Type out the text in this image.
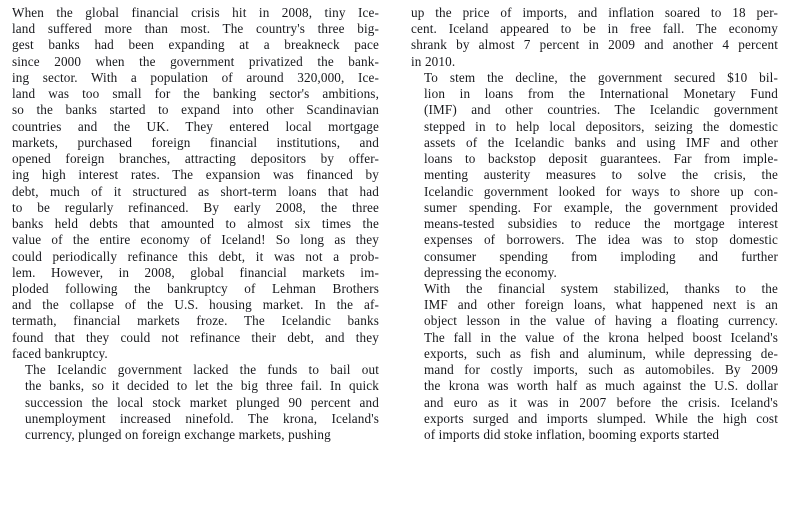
When the global financial crisis hit in 2008, tiny Ice-
land suffered more than most. The country's three big-
gest banks had been expanding at a breakneck pace
since 2000 when the government privatized the bank-
ing sector. With a population of around 320,000, Ice-
land was too small for the banking sector's ambitions,
so the banks started to expand into other Scandinavian
countries and the UK. They entered local mortgage
markets, purchased foreign financial institutions, and
opened foreign branches, attracting depositors by offer-
ing high interest rates. The expansion was financed by
debt, much of it structured as short-term loans that had
to be regularly refinanced. By early 2008, the three
banks held debts that amounted to almost six times the
value of the entire economy of Iceland! So long as they
could periodically refinance this debt, it was not a prob-
lem. However, in 2008, global financial markets im-
ploded following the bankruptcy of Lehman Brothers
and the collapse of the U.S. housing market. In the af-
termath, financial markets froze. The Icelandic banks
found that they could not refinance their debt, and they
faced bankruptcy.

The Icelandic government lacked the funds to bail out
the banks, so it decided to let the big three fail. In quick
succession the local stock market plunged 90 percent and
unemployment increased ninefold. The krona, Iceland's
currency, plunged on foreign exchange markets, pushing

up the price of imports, and inflation soared to 18 per-
cent. Iceland appeared to be in free fall. The economy
shrank by almost 7 percent in 2009 and another 4 percent
in 2010.

To stem the decline, the government secured $10 bil-
lion in loans from the International Monetary Fund
(IMF) and other countries. The Icelandic government
stepped in to help local depositors, seizing the domestic
assets of the Icelandic banks and using IMF and other
loans to backstop deposit guarantees. Far from imple-
menting austerity measures to solve the crisis, the
Icelandic government looked for ways to shore up con-
sumer spending. For example, the government provided
means-tested subsidies to reduce the mortgage interest
expenses of borrowers. The idea was to stop domestic
consumer spending from imploding and further
depressing the economy.

With the financial system stabilized, thanks to the
IMF and other foreign loans, what happened next is an
object lesson in the value of having a floating currency.
The fall in the value of the krona helped boost Iceland's
exports, such as fish and aluminum, while depressing de-
mand for costly imports, such as automobiles. By 2009
the krona was worth half as much against the U.S. dollar
and euro as it was in 2007 before the crisis. Iceland's
exports surged and imports slumped. While the high cost
of imports did stoke inflation, booming exports started
